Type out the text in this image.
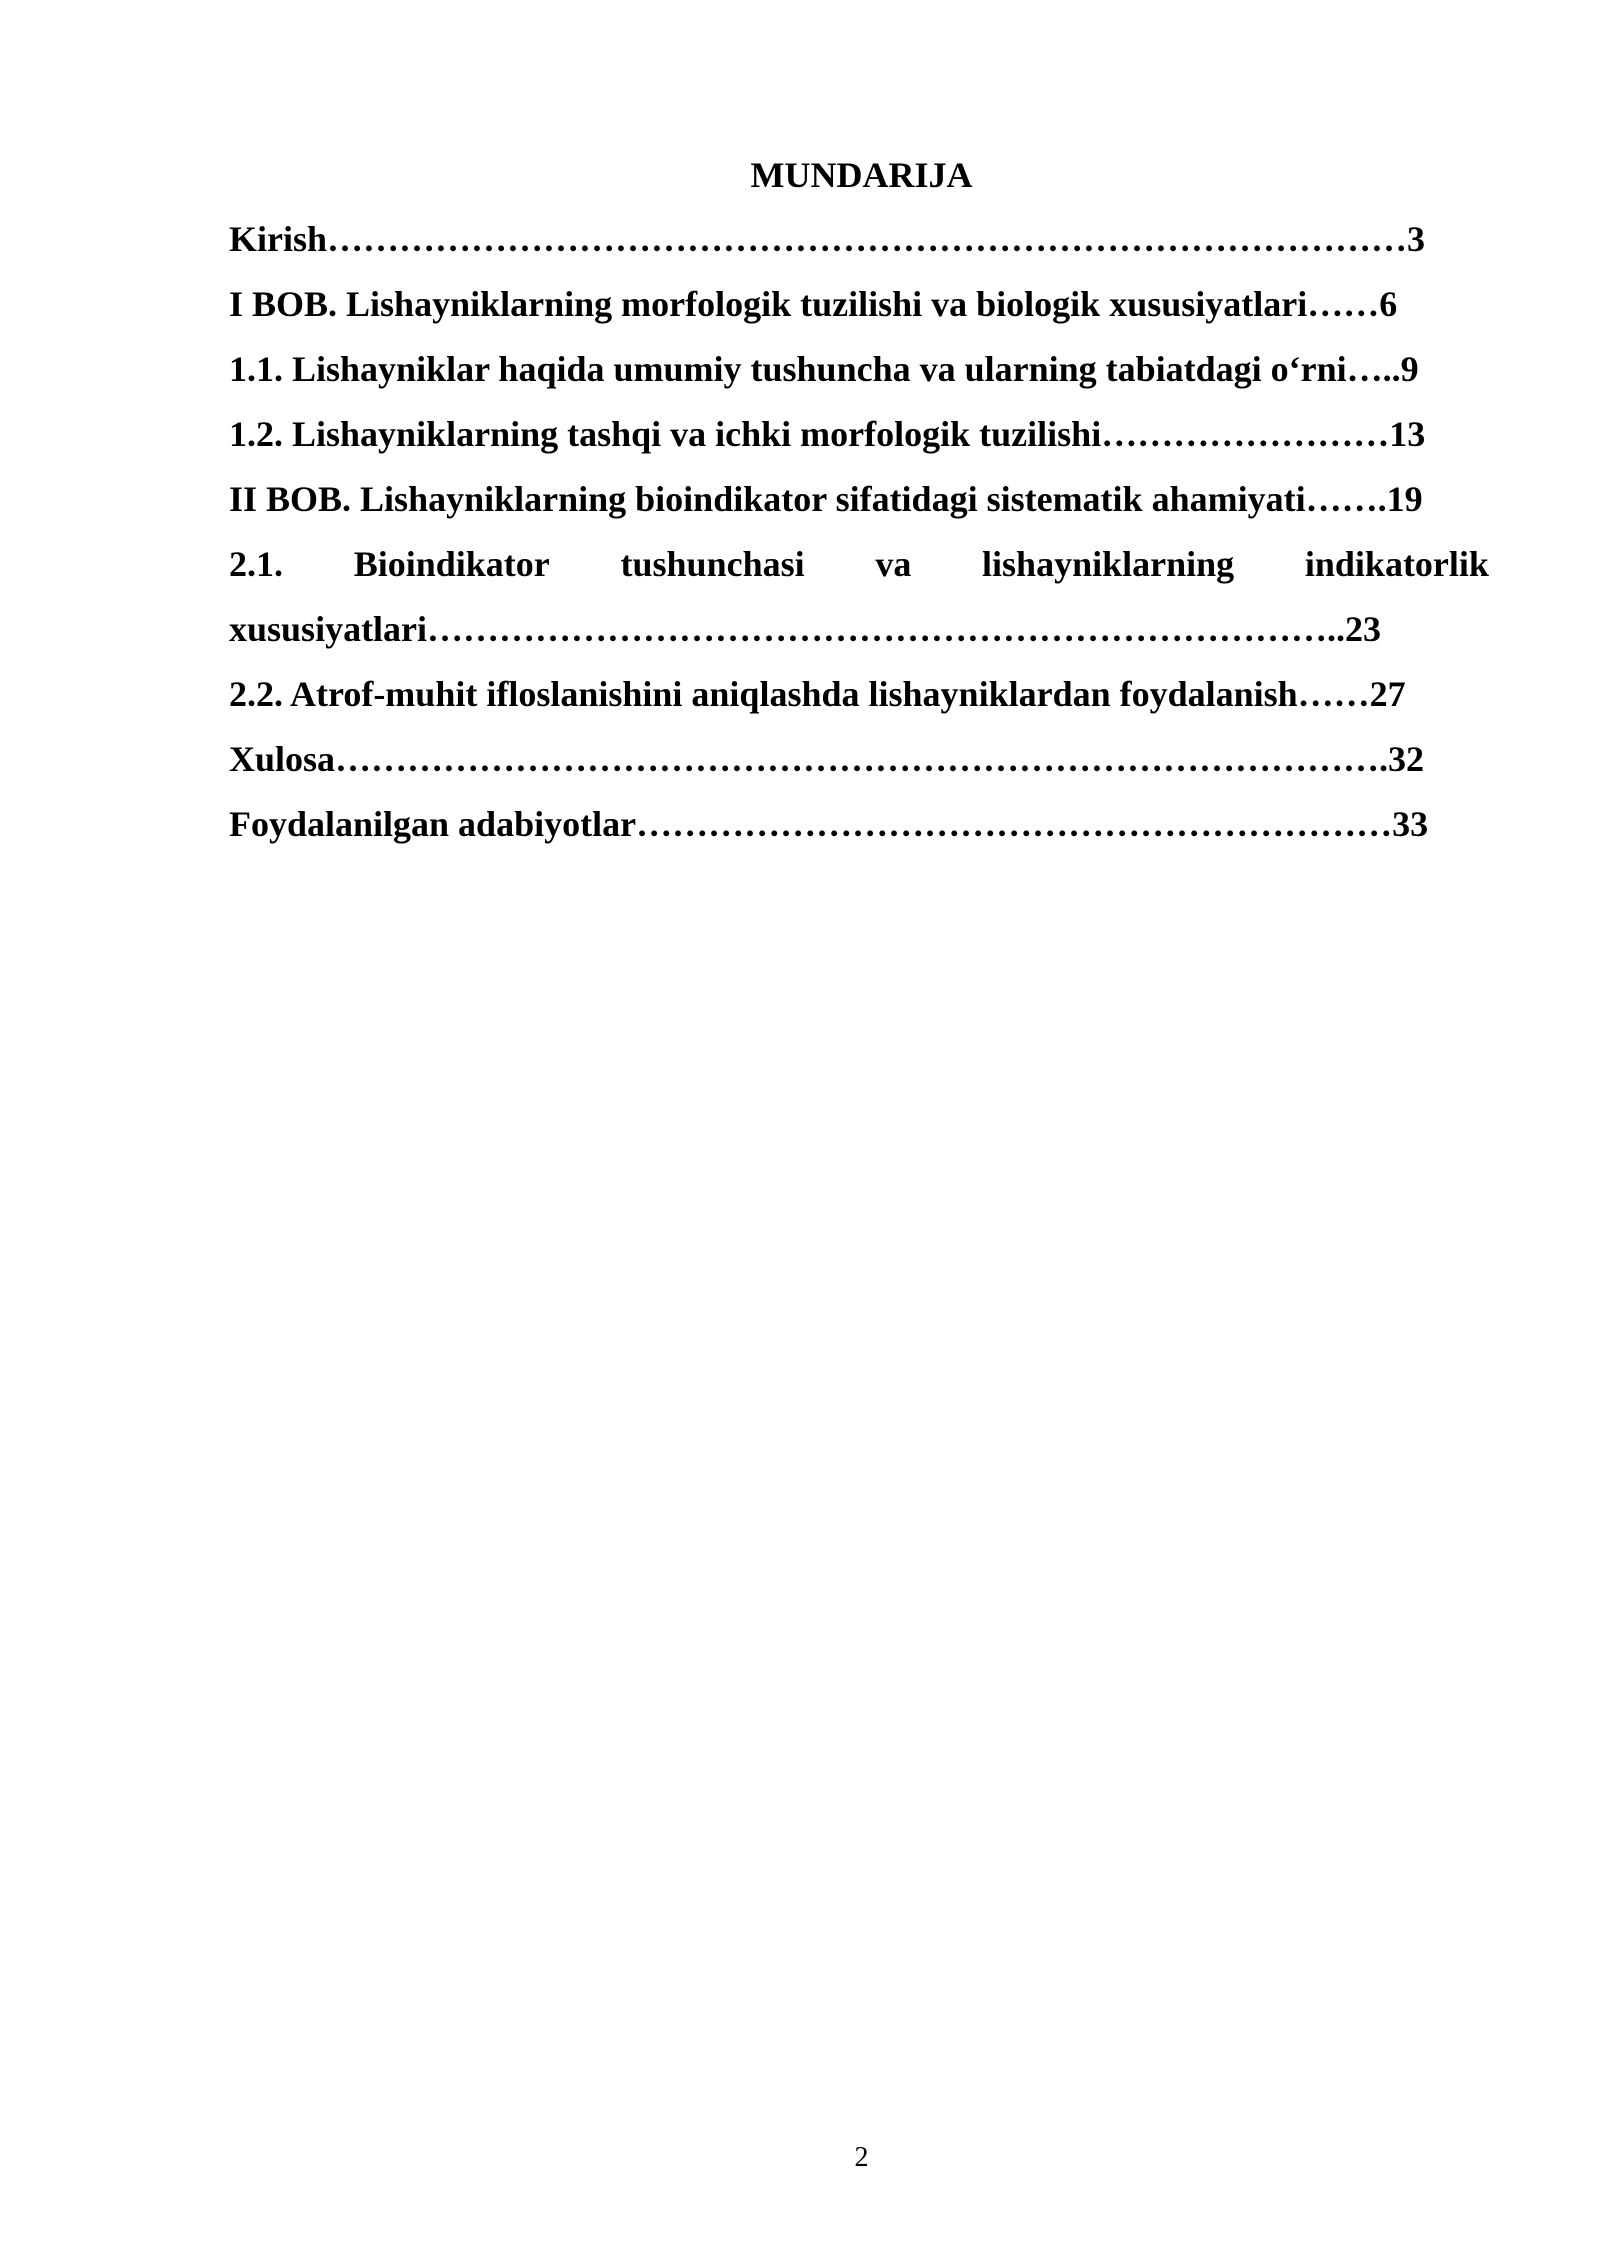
MUNDARIJA
Kirish………………………………………………………………………………3
I BOB. Lishayniklarning morfologik tuzilishi va biologik xususiyatlari……6
1.1. Lishayniklar haqida umumiy tushuncha va ularning tabiatdagi o‘rni…..9
1.2. Lishayniklarning tashqi va ichki morfologik tuzilishi……………………13
II BOB. Lishayniklarning bioindikator sifatidagi sistematik ahamiyati…….19
2.1. Bioindikator tushunchasi va lishayniklarning indikatorlik
xususiyatlari…………………………………………………………………..23
2.2. Atrof-muhit ifloslanishini aniqlashda lishayniklardan foydalanish……27
Xulosa…………………………………………………………………………….32
Foydalanilgan adabiyotlar………………………………………………………33
2
